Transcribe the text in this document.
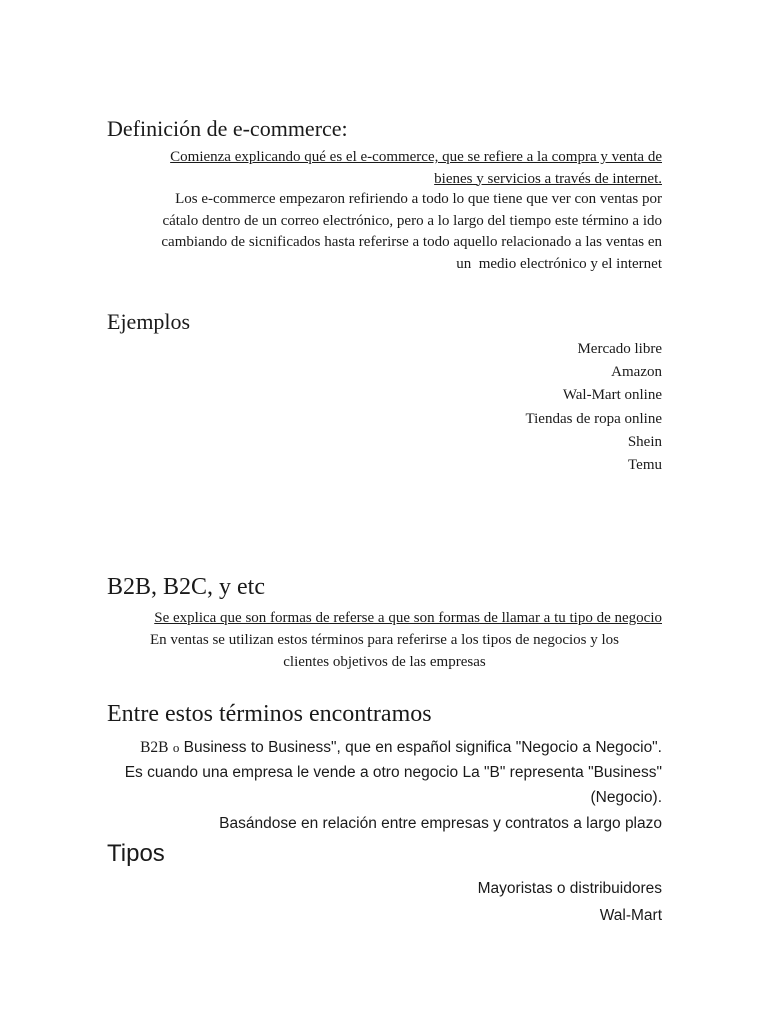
Definición de e-commerce:
Comienza explicando qué es el e-commerce, que se refiere a la compra y venta de
bienes y servicios a través de internet.
Los e-commerce empezaron refiriendo a todo lo que tiene que ver con ventas por
cátalo dentro de un correo electrónico, pero a lo largo del tiempo este término a ido
cambiando de sicnificados hasta referirse a todo aquello relacionado a las ventas en
un  medio electrónico y el internet
Ejemplos
Mercado libre
Amazon
Wal-Mart online
Tiendas de ropa online
Shein
Temu
B2B, B2C, y etc

Se explica que son formas de referse a que son formas de llamar a tu tipo de negocio

En ventas se utilizan estos términos para referirse a los tipos de negocios y los
clientes objetivos de las empresas
Entre estos términos encontramos
B2B o Business to Business", que en español significa "Negocio a Negocio".
Es cuando una empresa le vende a otro negocio La "B" representa "Business"
(Negocio).
Basándose en relación entre empresas y contratos a largo plazo
Tipos
Mayoristas o distribuidores
Wal-Mart
